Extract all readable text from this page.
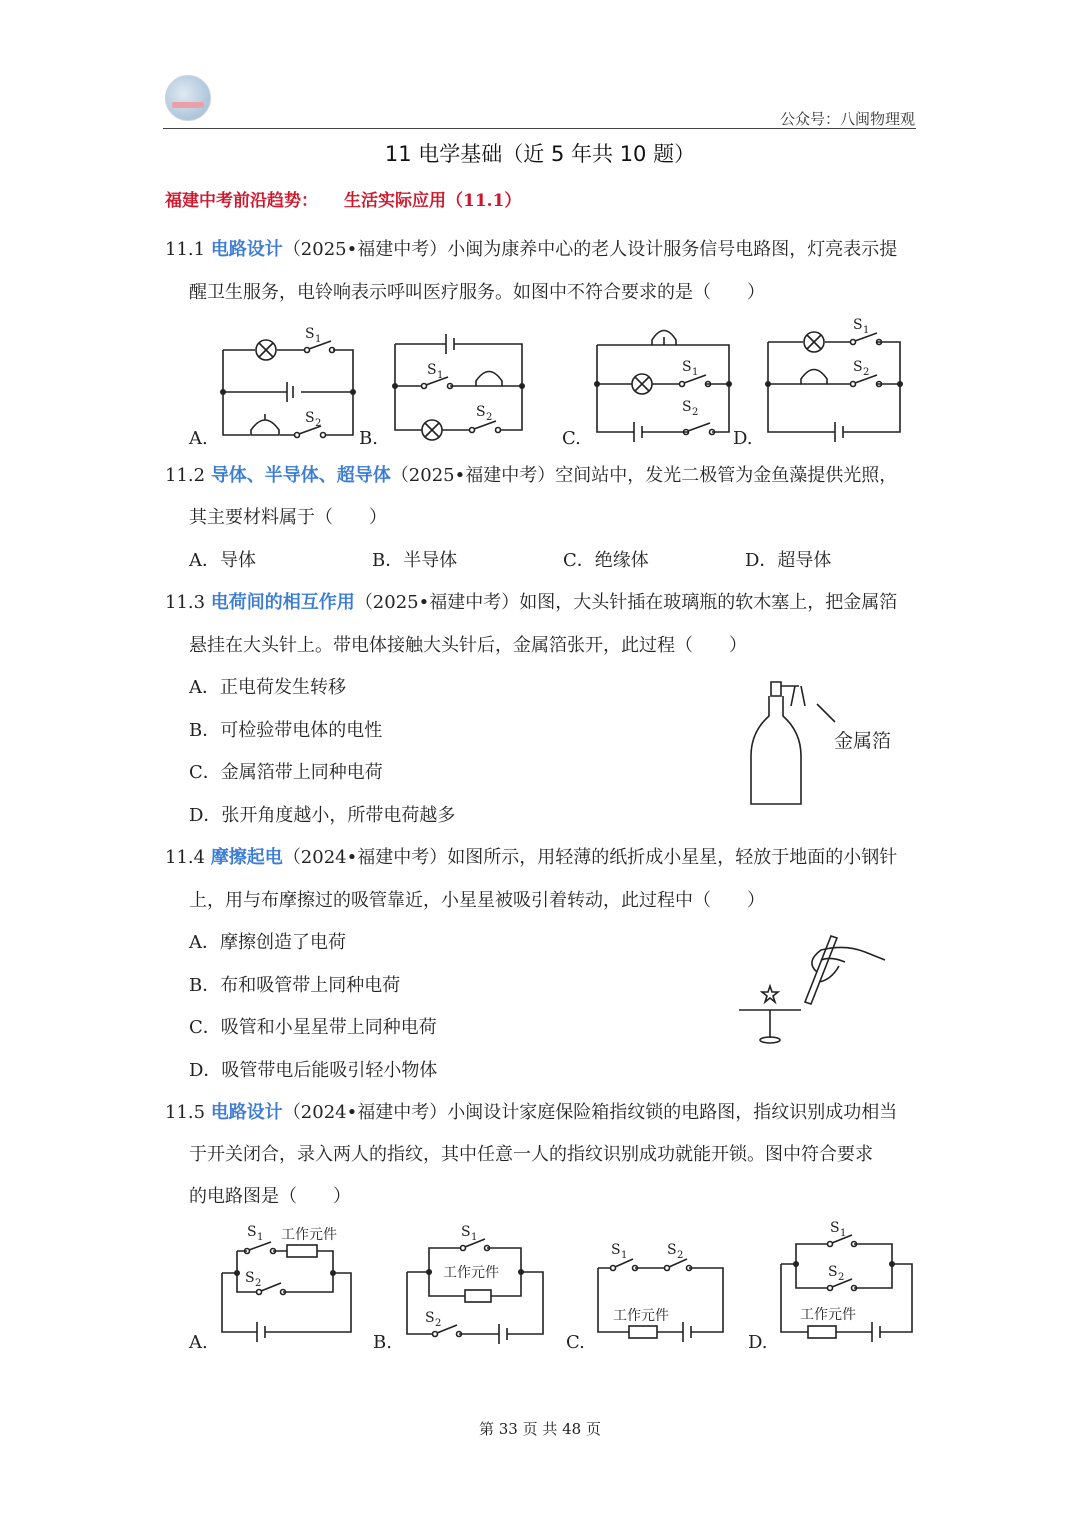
公众号：八闽物理观
11 电学基础（近 5 年共 10 题）
福建中考前沿趋势： 生活实际应用（11.1）
11.1 电路设计（2025•福建中考）小闽为康养中心的老人设计服务信号电路图，灯亮表示提
醒卫生服务，电铃响表示呼叫医疗服务。如图中不符合要求的是（　　）
A.	B.	C.	D.
S 1
S 2
S 1
S 2
S 1
S 2
S 1
S 2
11.2 导体、半导体、超导体（2025•福建中考）空间站中，发光二极管为金鱼藻提供光照，
其主要材料属于（　　）
A．导体	B．半导体	C．绝缘体	D．超导体
11.3 电荷间的相互作用（2025•福建中考）如图，大头针插在玻璃瓶的软木塞上，把金属箔
悬挂在大头针上。带电体接触大头针后，金属箔张开，此过程（　　）
A．正电荷发生转移
B．可检验带电体的电性
C．金属箔带上同种电荷
D．张开角度越小，所带电荷越多
金属箔
11.4 摩擦起电（2024•福建中考）如图所示，用轻薄的纸折成小星星，轻放于地面的小钢针
上，用与布摩擦过的吸管靠近，小星星被吸引着转动，此过程中（　　）
A．摩擦创造了电荷
B．布和吸管带上同种电荷
C．吸管和小星星带上同种电荷
D．吸管带电后能吸引轻小物体
11.5 电路设计（2024•福建中考）小闽设计家庭保险箱指纹锁的电路图，指纹识别成功相当
于开关闭合，录入两人的指纹，其中任意一人的指纹识别成功就能开锁。图中符合要求
的电路图是（　　）
A.	B.	C.	D.
S 1 工作元件
S 2
S 1
工作元件
S 2
S 1	S 2
工作元件
S 1
S 2
工作元件
第 33 页 共 48 页
